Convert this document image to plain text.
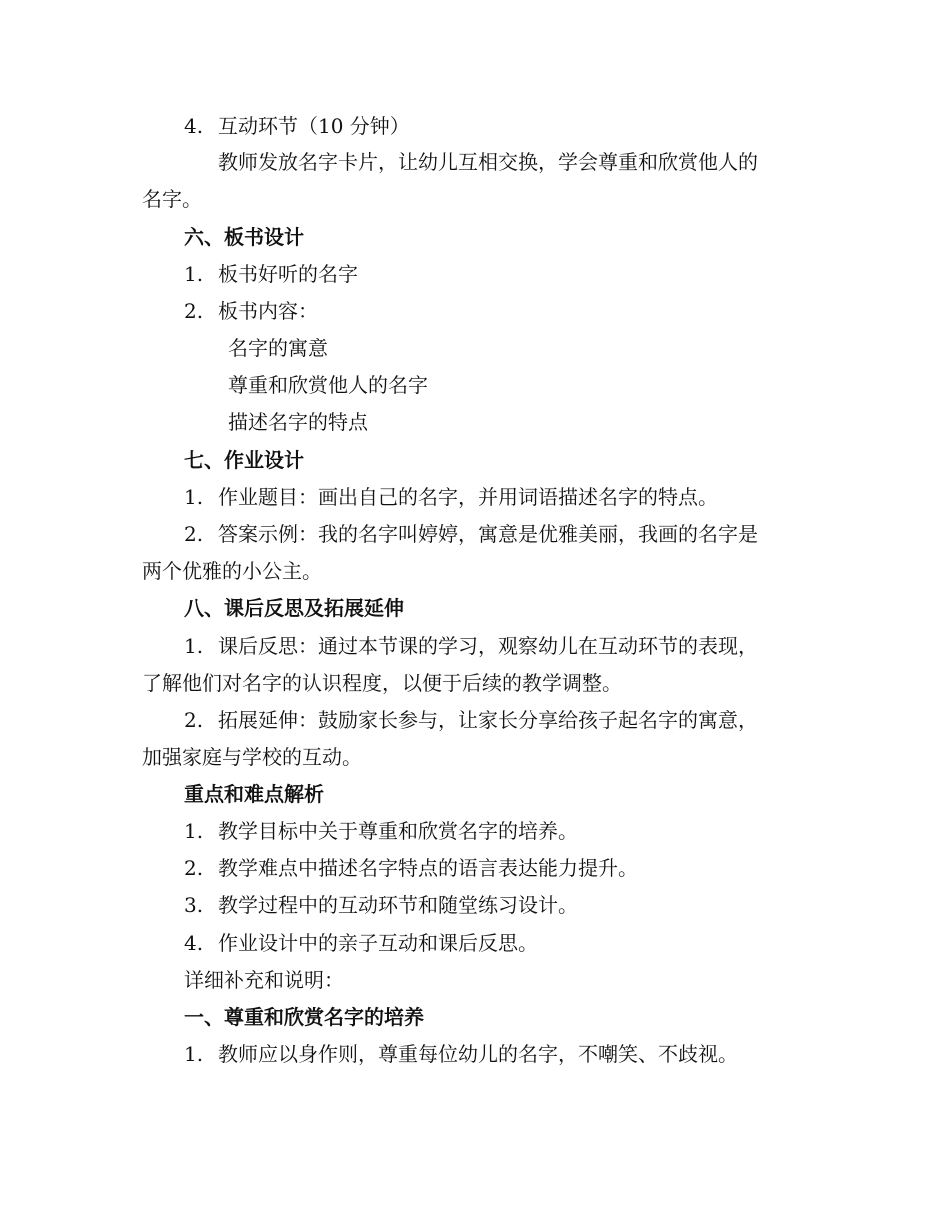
4. 互动环节（10 分钟）
教师发放名字卡片，让幼儿互相交换，学会尊重和欣赏他人的
名字。
六、板书设计
1. 板书好听的名字
2. 板书内容：
名字的寓意
尊重和欣赏他人的名字
描述名字的特点
七、作业设计
1. 作业题目：画出自己的名字，并用词语描述名字的特点。
2. 答案示例：我的名字叫婷婷，寓意是优雅美丽，我画的名字是
两个优雅的小公主。
八、课后反思及拓展延伸
1. 课后反思：通过本节课的学习，观察幼儿在互动环节的表现，
了解他们对名字的认识程度，以便于后续的教学调整。
2. 拓展延伸：鼓励家长参与，让家长分享给孩子起名字的寓意，
加强家庭与学校的互动。
重点和难点解析
1. 教学目标中关于尊重和欣赏名字的培养。
2. 教学难点中描述名字特点的语言表达能力提升。
3. 教学过程中的互动环节和随堂练习设计。
4. 作业设计中的亲子互动和课后反思。
详细补充和说明：
一、尊重和欣赏名字的培养
1. 教师应以身作则，尊重每位幼儿的名字，不嘲笑、不歧视。
